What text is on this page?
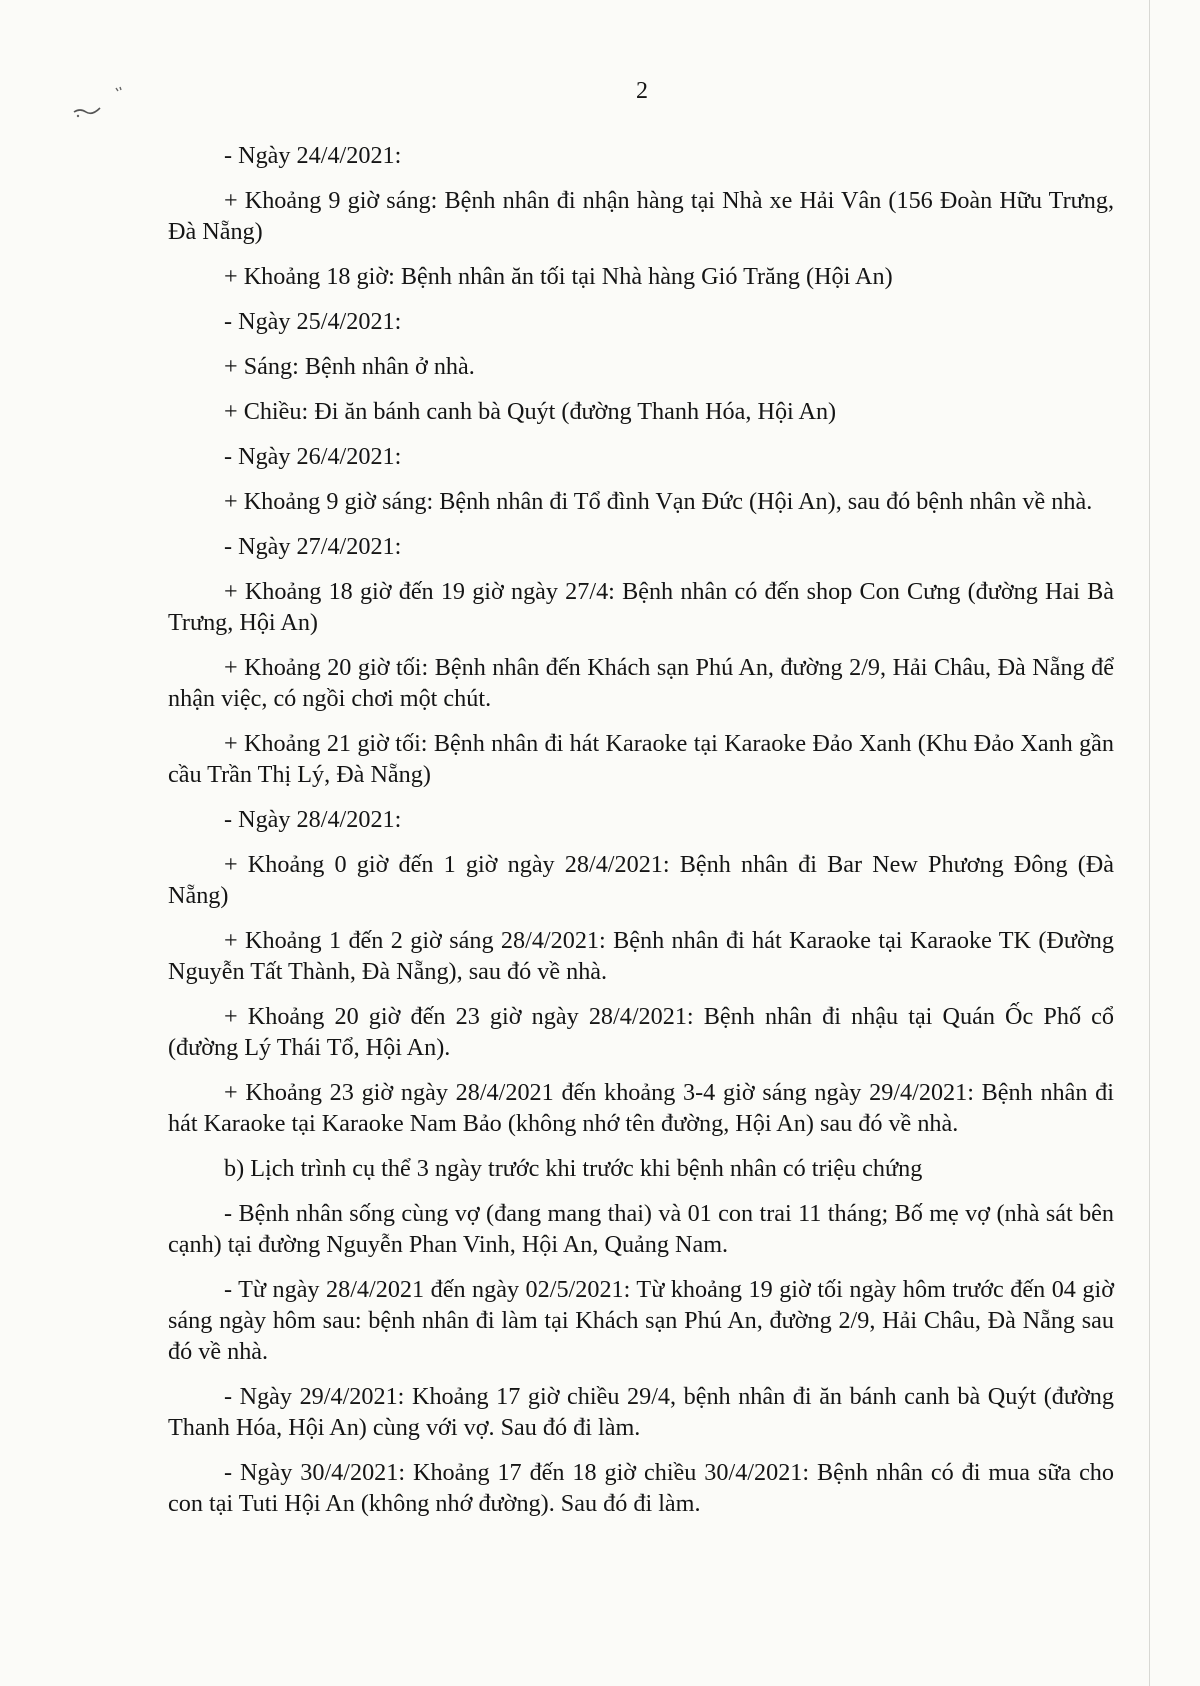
2

- Ngày 24/4/2021:

+ Khoảng 9 giờ sáng: Bệnh nhân đi nhận hàng tại Nhà xe Hải Vân (156 Đoàn Hữu Trưng, Đà Nẵng)

+ Khoảng 18 giờ: Bệnh nhân ăn tối tại Nhà hàng Gió Trăng (Hội An)

- Ngày 25/4/2021:

+ Sáng: Bệnh nhân ở nhà.

+ Chiều: Đi ăn bánh canh bà Quýt (đường Thanh Hóa, Hội An)

- Ngày 26/4/2021:

+ Khoảng 9 giờ sáng: Bệnh nhân đi Tổ đình Vạn Đức (Hội An), sau đó bệnh nhân về nhà.

- Ngày 27/4/2021:

+ Khoảng 18 giờ đến 19 giờ ngày 27/4: Bệnh nhân có đến shop Con Cưng (đường Hai Bà Trưng, Hội An)

+ Khoảng 20 giờ tối: Bệnh nhân đến Khách sạn Phú An, đường 2/9, Hải Châu, Đà Nẵng để nhận việc, có ngồi chơi một chút.

+ Khoảng 21 giờ tối: Bệnh nhân đi hát Karaoke tại Karaoke Đảo Xanh (Khu Đảo Xanh gần cầu Trần Thị Lý, Đà Nẵng)

- Ngày 28/4/2021:

+ Khoảng 0 giờ đến 1 giờ ngày 28/4/2021: Bệnh nhân đi Bar New Phương Đông (Đà Nẵng)

+ Khoảng 1 đến 2 giờ sáng 28/4/2021: Bệnh nhân đi hát Karaoke tại Karaoke TK (Đường Nguyễn Tất Thành, Đà Nẵng), sau đó về nhà.

+ Khoảng 20 giờ đến 23 giờ ngày 28/4/2021: Bệnh nhân đi nhậu tại Quán Ốc Phố cổ (đường Lý Thái Tổ, Hội An).

+ Khoảng 23 giờ ngày 28/4/2021 đến khoảng 3-4 giờ sáng ngày 29/4/2021: Bệnh nhân đi hát Karaoke tại Karaoke Nam Bảo (không nhớ tên đường, Hội An) sau đó về nhà.

b) Lịch trình cụ thể 3 ngày trước khi trước khi bệnh nhân có triệu chứng

- Bệnh nhân sống cùng vợ (đang mang thai) và 01 con trai 11 tháng; Bố mẹ vợ (nhà sát bên cạnh) tại đường Nguyễn Phan Vinh, Hội An, Quảng Nam.

- Từ ngày 28/4/2021 đến ngày 02/5/2021: Từ khoảng 19 giờ tối ngày hôm trước đến 04 giờ sáng ngày hôm sau: bệnh nhân đi làm tại Khách sạn Phú An, đường 2/9, Hải Châu, Đà Nẵng sau đó về nhà.

- Ngày 29/4/2021: Khoảng 17 giờ chiều 29/4, bệnh nhân đi ăn bánh canh bà Quýt (đường Thanh Hóa, Hội An) cùng với vợ. Sau đó đi làm.

- Ngày 30/4/2021: Khoảng 17 đến 18 giờ chiều 30/4/2021: Bệnh nhân có đi mua sữa cho con tại Tuti Hội An (không nhớ đường). Sau đó đi làm.
